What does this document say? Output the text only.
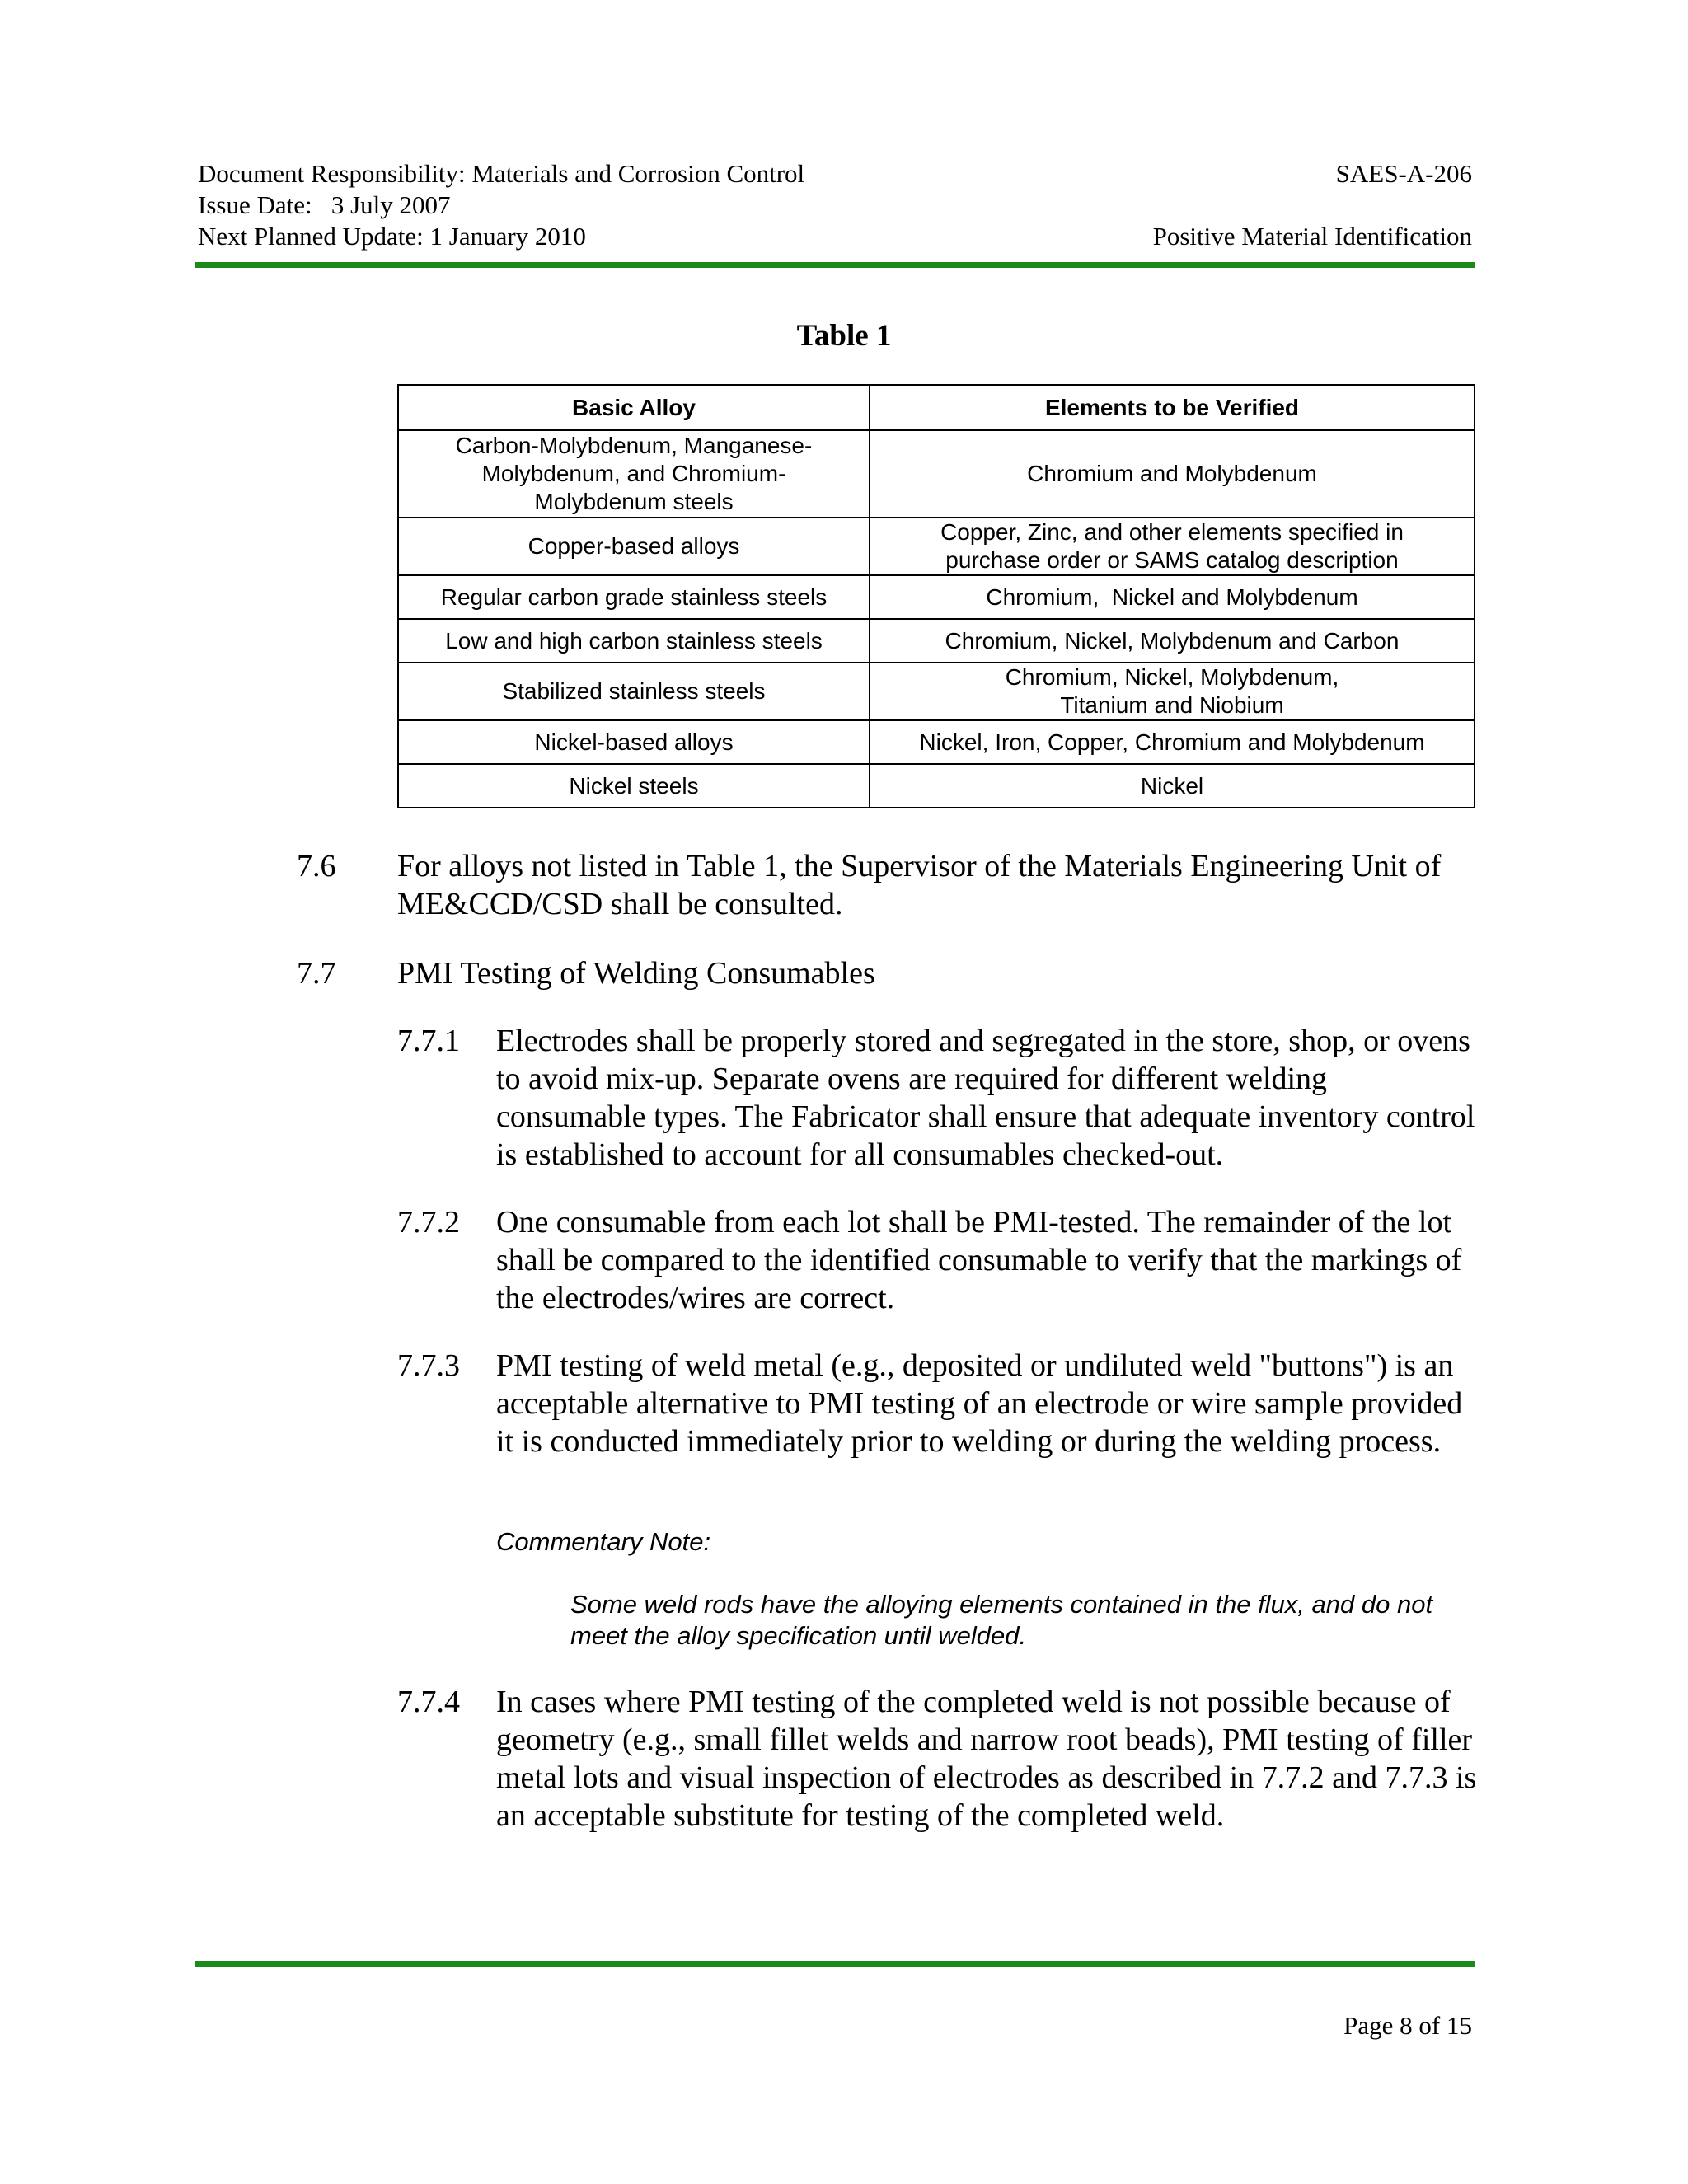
Document Responsibility: Materials and Corrosion Control	SAES-A-206
Issue Date:   3 July 2007
Next Planned Update: 1 January 2010	Positive Material Identification
Table 1
Basic Alloy	Elements to be Verified
Carbon-Molybdenum, Manganese-Molybdenum, and Chromium-Molybdenum steels	Chromium and Molybdenum
Copper-based alloys	Copper, Zinc, and other elements specified in purchase order or SAMS catalog description
Regular carbon grade stainless steels	Chromium,  Nickel and Molybdenum
Low and high carbon stainless steels	Chromium, Nickel, Molybdenum and Carbon
Stabilized stainless steels	Chromium, Nickel, Molybdenum, Titanium and Niobium
Nickel-based alloys	Nickel, Iron, Copper, Chromium and Molybdenum
Nickel steels	Nickel
7.6 For alloys not listed in Table 1, the Supervisor of the Materials Engineering Unit of ME&CCD/CSD shall be consulted.
7.7 PMI Testing of Welding Consumables
7.7.1 Electrodes shall be properly stored and segregated in the store, shop, or ovens to avoid mix-up. Separate ovens are required for different welding consumable types. The Fabricator shall ensure that adequate inventory control is established to account for all consumables checked-out.
7.7.2 One consumable from each lot shall be PMI-tested. The remainder of the lot shall be compared to the identified consumable to verify that the markings of the electrodes/wires are correct.
7.7.3 PMI testing of weld metal (e.g., deposited or undiluted weld "buttons") is an acceptable alternative to PMI testing of an electrode or wire sample provided it is conducted immediately prior to welding or during the welding process.
Commentary Note:
Some weld rods have the alloying elements contained in the flux, and do not meet the alloy specification until welded.
7.7.4 In cases where PMI testing of the completed weld is not possible because of geometry (e.g., small fillet welds and narrow root beads), PMI testing of filler metal lots and visual inspection of electrodes as described in 7.7.2 and 7.7.3 is an acceptable substitute for testing of the completed weld.
Page 8 of 15
